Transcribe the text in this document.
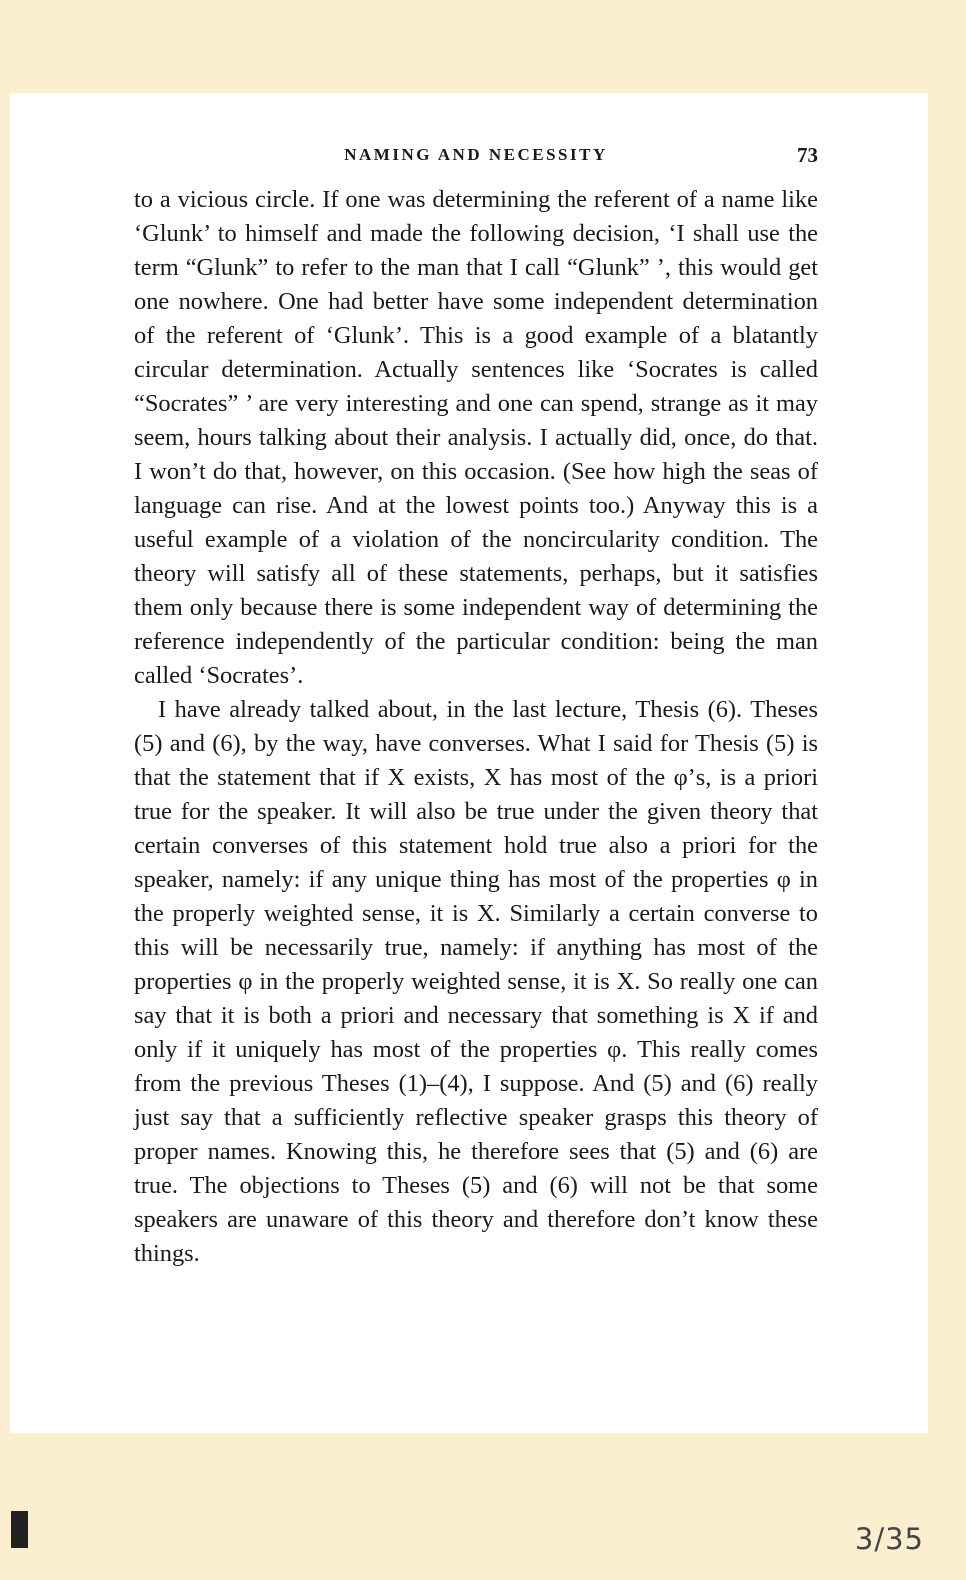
NAMING AND NECESSITY	73

to a vicious circle. If one was determining the referent of a name like ‘Glunk’ to himself and made the following decision, ‘I shall use the term “Glunk” to refer to the man that I call “Glunk” ’, this would get one nowhere. One had better have some independent determination of the referent of ‘Glunk’. This is a good example of a blatantly circular determination. Actually sentences like ‘Socrates is called “Socrates” ’ are very interesting and one can spend, strange as it may seem, hours talking about their analysis. I actually did, once, do that. I won’t do that, however, on this occasion. (See how high the seas of language can rise. And at the lowest points too.) Anyway this is a useful example of a violation of the noncircularity condition. The theory will satisfy all of these statements, perhaps, but it satisfies them only because there is some independent way of determining the reference independently of the particular condition: being the man called ‘Socrates’.

I have already talked about, in the last lecture, Thesis (6). Theses (5) and (6), by the way, have converses. What I said for Thesis (5) is that the statement that if X exists, X has most of the φ’s, is a priori true for the speaker. It will also be true under the given theory that certain converses of this statement hold true also a priori for the speaker, namely: if any unique thing has most of the properties φ in the properly weighted sense, it is X. Similarly a certain converse to this will be necessarily true, namely: if anything has most of the properties φ in the properly weighted sense, it is X. So really one can say that it is both a priori and necessary that something is X if and only if it uniquely has most of the properties φ. This really comes from the previous Theses (1)–(4), I suppose. And (5) and (6) really just say that a sufficiently reflective speaker grasps this theory of proper names. Knowing this, he therefore sees that (5) and (6) are true. The objections to Theses (5) and (6) will not be that some speakers are unaware of this theory and therefore don’t know these things.

3/35
